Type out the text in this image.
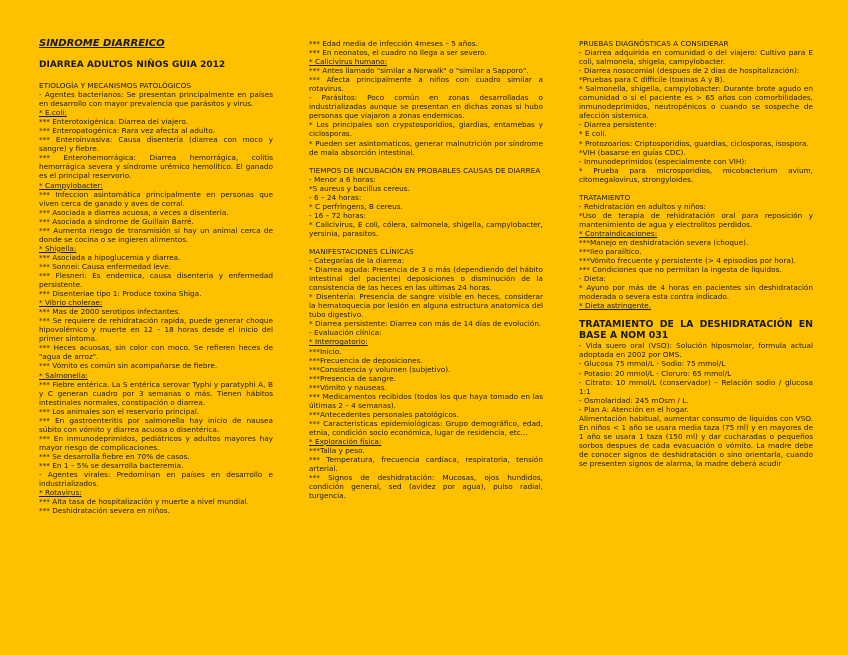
SÍNDROME DIARREICO

DIARREA ADULTOS NIÑOS GUIA 2012

ETIOLOGÍA Y MECANISMOS PATOLÓGICOS

- Agentes bacterianos: Se presentan principalmente en países en desarrollo con mayor prevalencia que parásitos y virus.

* E.coli:

*** Enterotoxigénica: Diarrea del viajero.

*** Enteropatogénica: Rara vez afecta al adulto.

*** Enteroinvasiva: Causa disentería (diarrea con moco y sangre) y fiebre.

*** Enterohemorrágica: Diarrea hemorrágica, colitis hemorrágica severa y síndrome urémico hemolítico. El ganado es el principal reservorio.

* Campylobacter:

*** Infeccion asintomática principalmente en personas que viven cerca de ganado y aves de corral.

*** Asociada a diarrea acuosa, a veces a disenteria.

*** Asociada a síndrome de Guillain Barré.

*** Aumenta riesgo de transmisión si hay un animal cerca de donde se cocina o se ingieren alimentos.

* Shigella:

*** Asociada a hipoglucemia y diarrea.

*** Sonnei: Causa enfermedad leve.

*** Flesneri: Es endemica, causa disenteria y enfermedad persistente.

*** Disenteriae tipo 1: Produce toxina Shiga.

* Vibrio cholerae:

*** Mas de 2000 serotipos infectantes.

*** Se requiere de rehidratación rapida, puede generar choque hipovolémico y muerte en 12 – 18 horas desde el inicio del primer síntoma.

*** Heces acuosas, sin color con moco. Se refieren heces de "agua de arroz".

*** Vómito es común sin acompañarse de fiebre.

* Salmonella:

*** Fiebre entérica. La S entérica serovar Typhi y paratyphi A, B y C generan cuadro por 3 semanas o más. Tienen hábitos intestinales normales, constipación o diarrea.

*** Los animales son el reservorio principal.

*** En gastroenteritis por salmonella hay inicio de nausea súbito con vómito y diarrea acuosa o disentérica.

*** En inmunodeprimidos, pediátricos y adultos mayores hay mayor riesgo de complicaciones.

*** Se desarrolla fiebre en 70% de casos.

*** En 1 – 5% se desarrolla bacteremia.

- Agentes virales: Predominan en países en desarrollo e industrializados.

* Rotavirus:

*** Alta tasa de hospitalización y muerte a nivel mundial.

*** Deshidratación severa en niños.

*** Edad media de infección 4meses – 5 años.

*** En neonatos, el cuadro no llega a ser severo.

* Calicivirus humano:

*** Antes llamado "similar a Norwalk" o "similar a Sapporo".

*** Afecta principalmente a niños con cuadro similar a rotavirus.

- Parásitos: Poco común en zonas desarrolladas o industrializadas aunque se presentan en dichas zonas si hubo personas que viajaron a zonas endemicas.

* Los principales son crypstosporidios, giardias, entamebas y ciclosporas.

* Pueden ser asintomaticos, generar malnutrición por síndrome de mala absorción intestinal.

TIEMPOS DE INCUBACIÓN EN PROBABLES CAUSAS DE DIARREA

- Menor a 6 horas:

*S aureus y bacillus cereus.

- 6 – 24 horas:

* C perfringens, B cereus.

- 16 – 72 horas:

* Calicivirus, E coli, cólera, salmonela, shigella, campylobacter, yersinia, parasitos.

MANIFESTACIONES CLÍNICAS

- Categorías de la diarrea:

* Diarrea aguda: Presencia de 3 o más (dependiendo del hábito intestinal del paciente) deposiciones o disminución de la consistencia de las heces en las ultimas 24 horas.

* Disentería: Presencia de sangre visible en heces, considerar la hematoquecia por lesión en alguna estructura anatomica del tubo digestivo.

* Diarrea persistente: Diarrea con más de 14 días de evolución.

- Evaluación clínica:

* Interrogatorio:

***Inicio.

***Frecuencia de deposiciones.

***Consistencia y volumen (subjetivo).

***Presencia de sangre.

***Vómito y nauseas.

*** Medicamentos recibidos (todos los que haya tomado en las últimas 2 – 4 semanas).

***Antecedentes personales patológicos.

*** Caracteristicas epidemiológicas: Grupo demográfico, edad, etnia, condición socio económica, lugar de residencia, etc...

* Exploración física:

***Talla y peso.

*** Temperatura, frecuencia cardiaca, respiratoria, tensión arterial.

*** Signos de deshidratación: Mucosas, ojos hundidos, condición general, sed (avidez por agua), pulso radial, turgencia.

PRUEBAS DIAGNÓSTICAS A CONSIDERAR

- Diarrea adquirida en comunidad o del viajero: Cultivo para E coli, salmonela, shigela, campylobacter.

- Diarrea nosocomial (despues de 2 dias de hospitalización):

*Pruebas para C difficile (toxinas A y B).

* Salmonella, shigella, campylobacter: Durante brote agudo en comunidad o si el paciente es > 65 años con comorbilidades, inmunodeprimidos, neutropénicos o cuando se sospeche de afección sistemica.

- Diarrea persistente:

* E coli.

* Protozoarios: Criptosporidios, guardias, ciclosporas, isospora.

*VIH (basarse en guías CDC).

- Inmunodeprimidos (especialmente con VIH):

* Prueba para microsporidios, micobacterium avium, citomegalovirus, strongyloides.

TRATAMIENTO

- Rehidratación en adultos y niños:

*Uso de terapia de rehidratación oral para reposición y mantenimiento de agua y electrolitos perdidos.

* Contraindicaciones:

***Manejo en deshidratación severa (choque).

***Ileo paralítico.

***Vómito frecuente y persistente (> 4 episodios por hora).

*** Condiciones que no permitan la ingesta de liquidos.

- Dieta:

* Ayuno por más de 4 horas en pacientes sin deshidratación moderada o severa esta contra indicado.

* Dieta astringente.

TRATAMIENTO DE LA DESHIDRATACIÓN EN BASE A NOM 031

- Vida suero oral (VSO): Solución hiposmolar, formula actual adoptada en 2002 por OMS.

- Glucosa 75 mmol/L - Sodio: 75 mmol/L

- Potasio: 20 mmol/L - Cloruro: 65 mmol/L

- Citrato: 10 mmol/L (conservador) – Relación sodio / glucosa 1:1

- Osmolaridad: 245 mOsm / L.

- Plan A: Atención en el hogar.

Alimentación habitual, aumentar consumo de liquidos con VSO. En niños < 1 año se usara media taza (75 ml) y en mayores de 1 año se usara 1 taza (150 ml) y dar cucharadas o pequeños sorbos despues de cada evacuación o vómito. La madre debe de conocer signos de deshidratación o sino orientarla, cuando se presenten signos de alarma, la madre deberá acudir
